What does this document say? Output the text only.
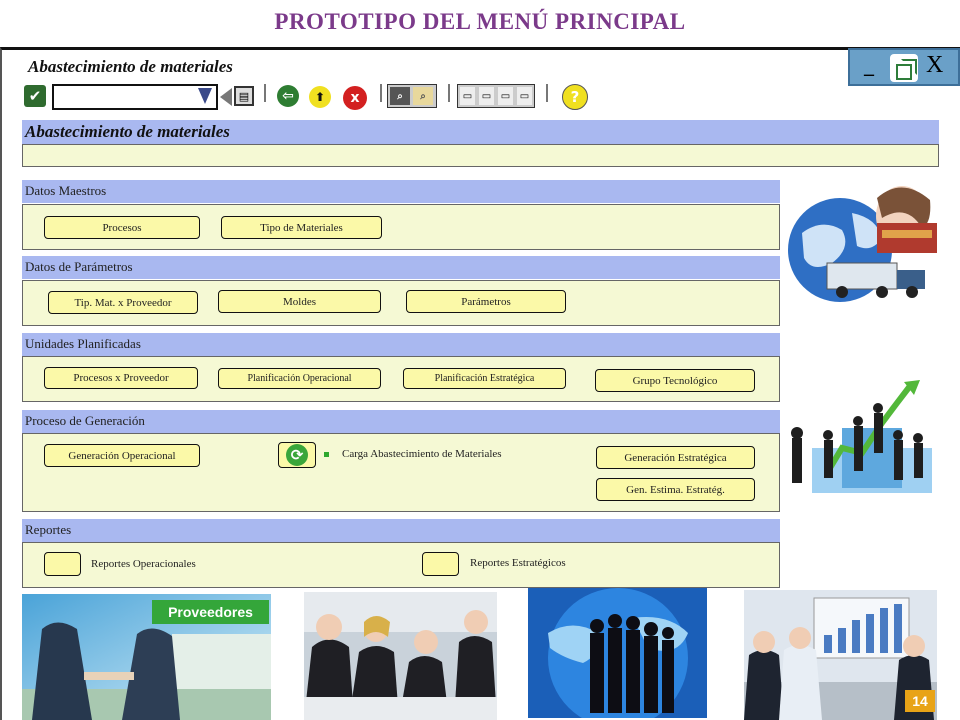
PROTOTIPO DEL MENÚ PRINCIPAL
Abastecimiento de materiales	_ X
✔	▤	⇦	⬆	x	⌕	⌕	▭ ▭ ▭ ▭	?
Abastecimiento de materiales
Datos Maestros
Procesos	Tipo de Materiales
Datos de Parámetros
Tip. Mat. x Proveedor	Moldes	Parámetros
Unidades Planificadas
Procesos x Proveedor	Planificación Operacional	Planificación Estratégica	Grupo Tecnológico
Proceso de Generación
Generación Operacional	⟳	Carga Abastecimiento de Materiales	Generación Estratégica
Gen. Estima. Estratég.
Reportes
Reportes Operacionales	Reportes Estratégicos
Proveedores
14
